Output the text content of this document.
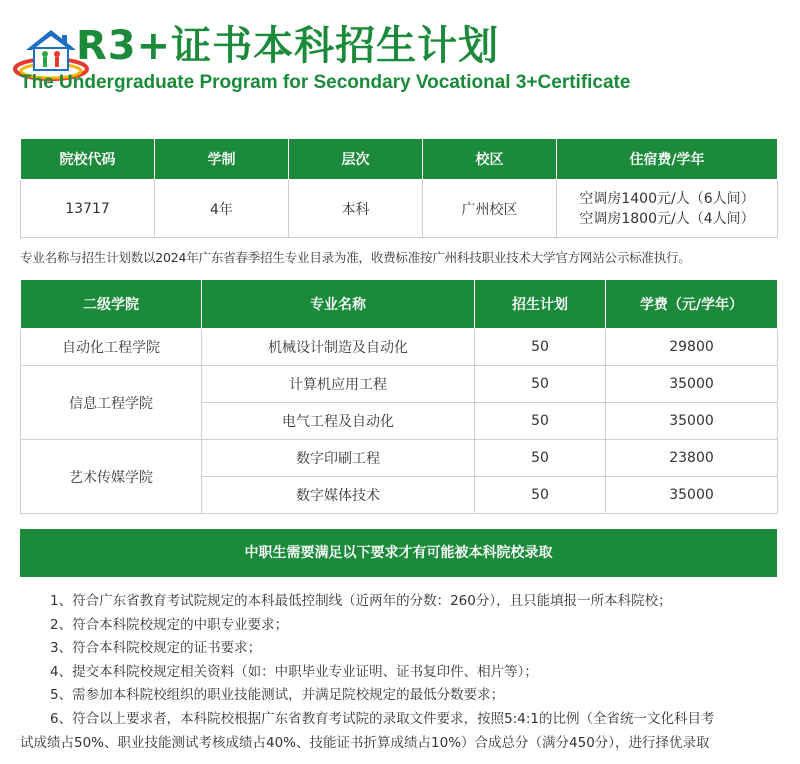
R3+证书本科招生计划
The Undergraduate Program for Secondary Vocational 3+Certificate
院校代码	学制	层次	校区	住宿费/学年
13717	4年	本科	广州校区	空调房1400元/人（6人间）
空调房1800元/人（4人间）
专业名称与招生计划数以2024年广东省春季招生专业目录为准，收费标准按广州科技职业技术大学官方网站公示标准执行。
二级学院	专业名称	招生计划	学费（元/学年）
自动化工程学院	机械设计制造及自动化	50	29800
信息工程学院	计算机应用工程	50	35000
	电气工程及自动化	50	35000
艺术传媒学院	数字印刷工程	50	23800
	数字媒体技术	50	35000
中职生需要满足以下要求才有可能被本科院校录取
1、符合广东省教育考试院规定的本科最低控制线（近两年的分数：260分），且只能填报一所本科院校；
2、符合本科院校规定的中职专业要求；
3、符合本科院校规定的证书要求；
4、提交本科院校规定相关资料（如：中职毕业专业证明、证书复印件、相片等）；
5、需参加本科院校组织的职业技能测试，并满足院校规定的最低分数要求；
6、符合以上要求者，本科院校根据广东省教育考试院的录取文件要求，按照5:4:1的比例（全省统一文化科目考
试成绩占50%、职业技能测试考核成绩占40%、技能证书折算成绩占10%）合成总分（满分450分），进行择优录取
